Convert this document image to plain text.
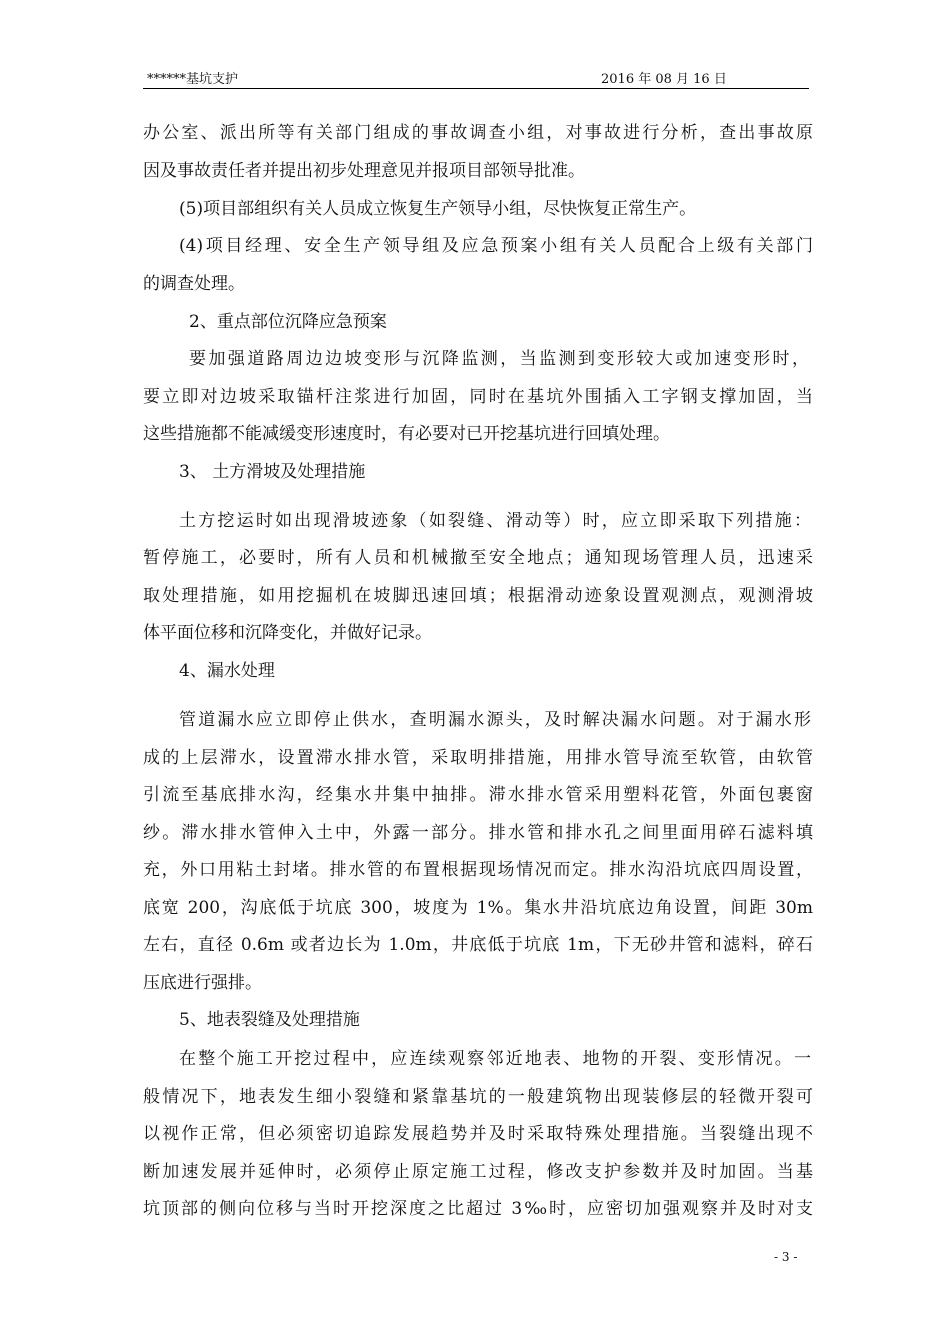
******基坑支护	2016 年 08 月 16 日
办公室、派出所等有关部门组成的事故调查小组，对事故进行分析，查出事故原
因及事故责任者并提出初步处理意见并报项目部领导批准。
(5)项目部组织有关人员成立恢复生产领导小组，尽快恢复正常生产。
(4)项目经理、安全生产领导组及应急预案小组有关人员配合上级有关部门
的调查处理。
2、重点部位沉降应急预案
要加强道路周边边坡变形与沉降监测，当监测到变形较大或加速变形时，
要立即对边坡采取锚杆注浆进行加固，同时在基坑外围插入工字钢支撑加固，当
这些措施都不能减缓变形速度时，有必要对已开挖基坑进行回填处理。
3、 土方滑坡及处理措施
土方挖运时如出现滑坡迹象（如裂缝、滑动等）时，应立即采取下列措施：
暂停施工，必要时，所有人员和机械撤至安全地点；通知现场管理人员，迅速采
取处理措施，如用挖掘机在坡脚迅速回填；根据滑动迹象设置观测点，观测滑坡
体平面位移和沉降变化，并做好记录。
4、漏水处理
管道漏水应立即停止供水，查明漏水源头，及时解决漏水问题。对于漏水形
成的上层滞水，设置滞水排水管，采取明排措施，用排水管导流至软管，由软管
引流至基底排水沟，经集水井集中抽排。滞水排水管采用塑料花管，外面包裹窗
纱。滞水排水管伸入土中，外露一部分。排水管和排水孔之间里面用碎石滤料填
充，外口用粘土封堵。排水管的布置根据现场情况而定。排水沟沿坑底四周设置，
底宽 200，沟底低于坑底 300，坡度为 1%。集水井沿坑底边角设置，间距 30m
左右，直径 0.6m 或者边长为 1.0m，井底低于坑底 1m，下无砂井管和滤料，碎石
压底进行强排。
5、地表裂缝及处理措施
在整个施工开挖过程中，应连续观察邻近地表、地物的开裂、变形情况。一
般情况下，地表发生细小裂缝和紧靠基坑的一般建筑物出现装修层的轻微开裂可
以视作正常，但必须密切追踪发展趋势并及时采取特殊处理措施。当裂缝出现不
断加速发展并延伸时，必须停止原定施工过程，修改支护参数并及时加固。当基
坑顶部的侧向位移与当时开挖深度之比超过 3‰时，应密切加强观察并及时对支
- 3 -
